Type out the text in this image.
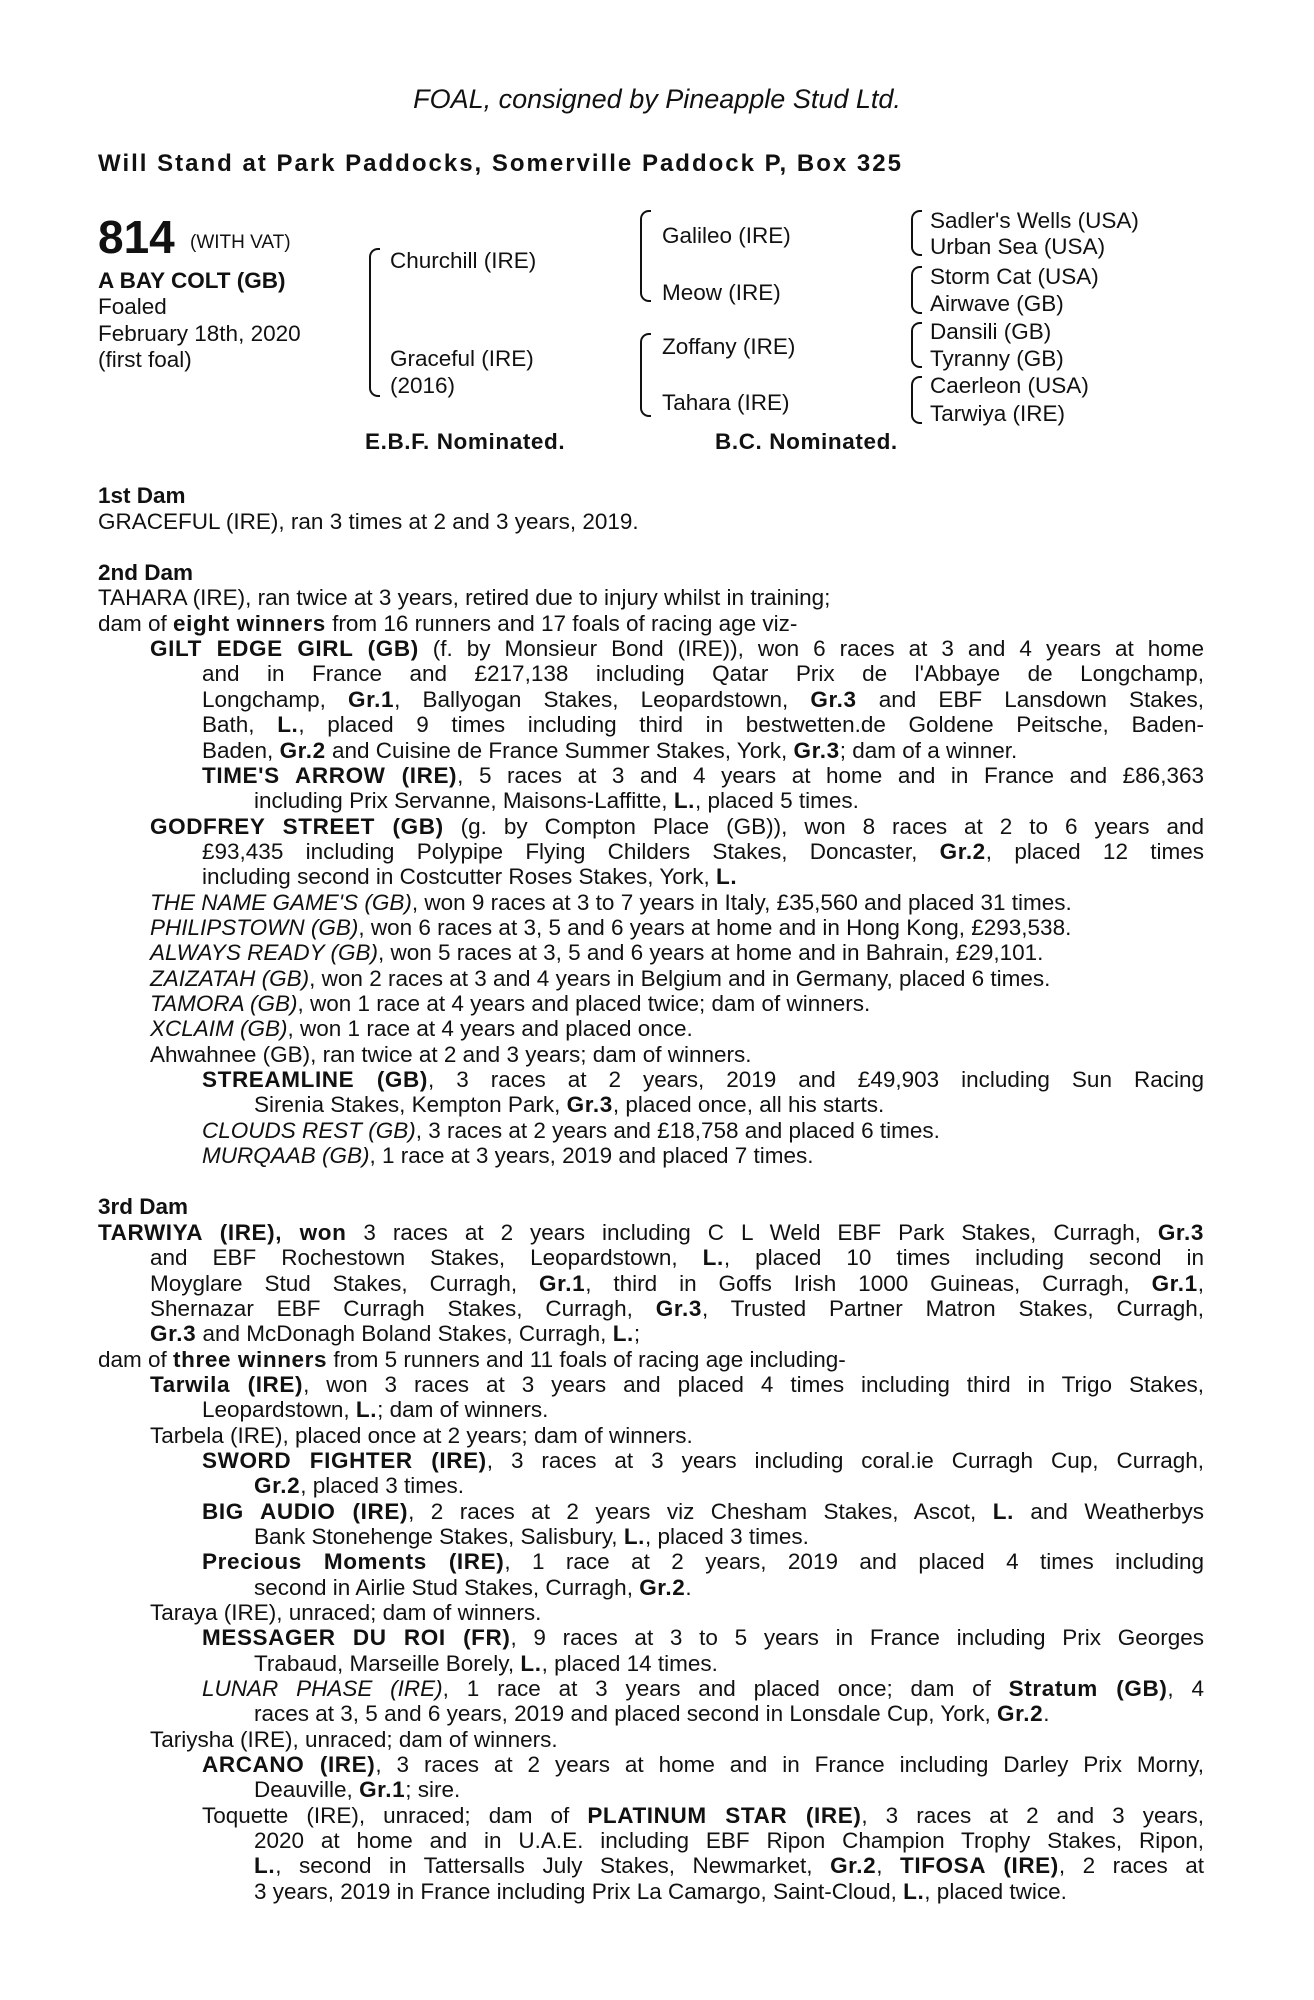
FOAL, consigned by Pineapple Stud Ltd.
Will Stand at Park Paddocks, Somerville Paddock P, Box 325
814 (WITH VAT)
A BAY COLT (GB)
Foaled
February 18th, 2020
(first foal)
Churchill (IRE)
Graceful (IRE)
(2016)
Galileo (IRE)
Meow (IRE)
Zoffany (IRE)
Tahara (IRE)
Sadler's Wells (USA)
Urban Sea (USA)
Storm Cat (USA)
Airwave (GB)
Dansili (GB)
Tyranny (GB)
Caerleon (USA)
Tarwiya (IRE)
E.B.F. Nominated.	B.C. Nominated.
1st Dam
GRACEFUL (IRE), ran 3 times at 2 and 3 years, 2019.
2nd Dam
TAHARA (IRE), ran twice at 3 years, retired due to injury whilst in training;
dam of eight winners from 16 runners and 17 foals of racing age viz-
GILT EDGE GIRL (GB) (f. by Monsieur Bond (IRE)), won 6 races at 3 and 4 years at home
and in France and £217,138 including Qatar Prix de l'Abbaye de Longchamp,
Longchamp, Gr.1, Ballyogan Stakes, Leopardstown, Gr.3 and EBF Lansdown Stakes,
Bath, L., placed 9 times including third in bestwetten.de Goldene Peitsche, Baden-
Baden, Gr.2 and Cuisine de France Summer Stakes, York, Gr.3; dam of a winner.
TIME'S ARROW (IRE), 5 races at 3 and 4 years at home and in France and £86,363
including Prix Servanne, Maisons-Laffitte, L., placed 5 times.
GODFREY STREET (GB) (g. by Compton Place (GB)), won 8 races at 2 to 6 years and
£93,435 including Polypipe Flying Childers Stakes, Doncaster, Gr.2, placed 12 times
including second in Costcutter Roses Stakes, York, L.
THE NAME GAME'S (GB), won 9 races at 3 to 7 years in Italy, £35,560 and placed 31 times.
PHILIPSTOWN (GB), won 6 races at 3, 5 and 6 years at home and in Hong Kong, £293,538.
ALWAYS READY (GB), won 5 races at 3, 5 and 6 years at home and in Bahrain, £29,101.
ZAIZATAH (GB), won 2 races at 3 and 4 years in Belgium and in Germany, placed 6 times.
TAMORA (GB), won 1 race at 4 years and placed twice; dam of winners.
XCLAIM (GB), won 1 race at 4 years and placed once.
Ahwahnee (GB), ran twice at 2 and 3 years; dam of winners.
STREAMLINE (GB), 3 races at 2 years, 2019 and £49,903 including Sun Racing
Sirenia Stakes, Kempton Park, Gr.3, placed once, all his starts.
CLOUDS REST (GB), 3 races at 2 years and £18,758 and placed 6 times.
MURQAAB (GB), 1 race at 3 years, 2019 and placed 7 times.
3rd Dam
TARWIYA (IRE), won 3 races at 2 years including C L Weld EBF Park Stakes, Curragh, Gr.3
and EBF Rochestown Stakes, Leopardstown, L., placed 10 times including second in
Moyglare Stud Stakes, Curragh, Gr.1, third in Goffs Irish 1000 Guineas, Curragh, Gr.1,
Shernazar EBF Curragh Stakes, Curragh, Gr.3, Trusted Partner Matron Stakes, Curragh,
Gr.3 and McDonagh Boland Stakes, Curragh, L.;
dam of three winners from 5 runners and 11 foals of racing age including-
Tarwila (IRE), won 3 races at 3 years and placed 4 times including third in Trigo Stakes,
Leopardstown, L.; dam of winners.
Tarbela (IRE), placed once at 2 years; dam of winners.
SWORD FIGHTER (IRE), 3 races at 3 years including coral.ie Curragh Cup, Curragh,
Gr.2, placed 3 times.
BIG AUDIO (IRE), 2 races at 2 years viz Chesham Stakes, Ascot, L. and Weatherbys
Bank Stonehenge Stakes, Salisbury, L., placed 3 times.
Precious Moments (IRE), 1 race at 2 years, 2019 and placed 4 times including
second in Airlie Stud Stakes, Curragh, Gr.2.
Taraya (IRE), unraced; dam of winners.
MESSAGER DU ROI (FR), 9 races at 3 to 5 years in France including Prix Georges
Trabaud, Marseille Borely, L., placed 14 times.
LUNAR PHASE (IRE), 1 race at 3 years and placed once; dam of Stratum (GB), 4
races at 3, 5 and 6 years, 2019 and placed second in Lonsdale Cup, York, Gr.2.
Tariysha (IRE), unraced; dam of winners.
ARCANO (IRE), 3 races at 2 years at home and in France including Darley Prix Morny,
Deauville, Gr.1; sire.
Toquette (IRE), unraced; dam of PLATINUM STAR (IRE), 3 races at 2 and 3 years,
2020 at home and in U.A.E. including EBF Ripon Champion Trophy Stakes, Ripon,
L., second in Tattersalls July Stakes, Newmarket, Gr.2, TIFOSA (IRE), 2 races at
3 years, 2019 in France including Prix La Camargo, Saint-Cloud, L., placed twice.
